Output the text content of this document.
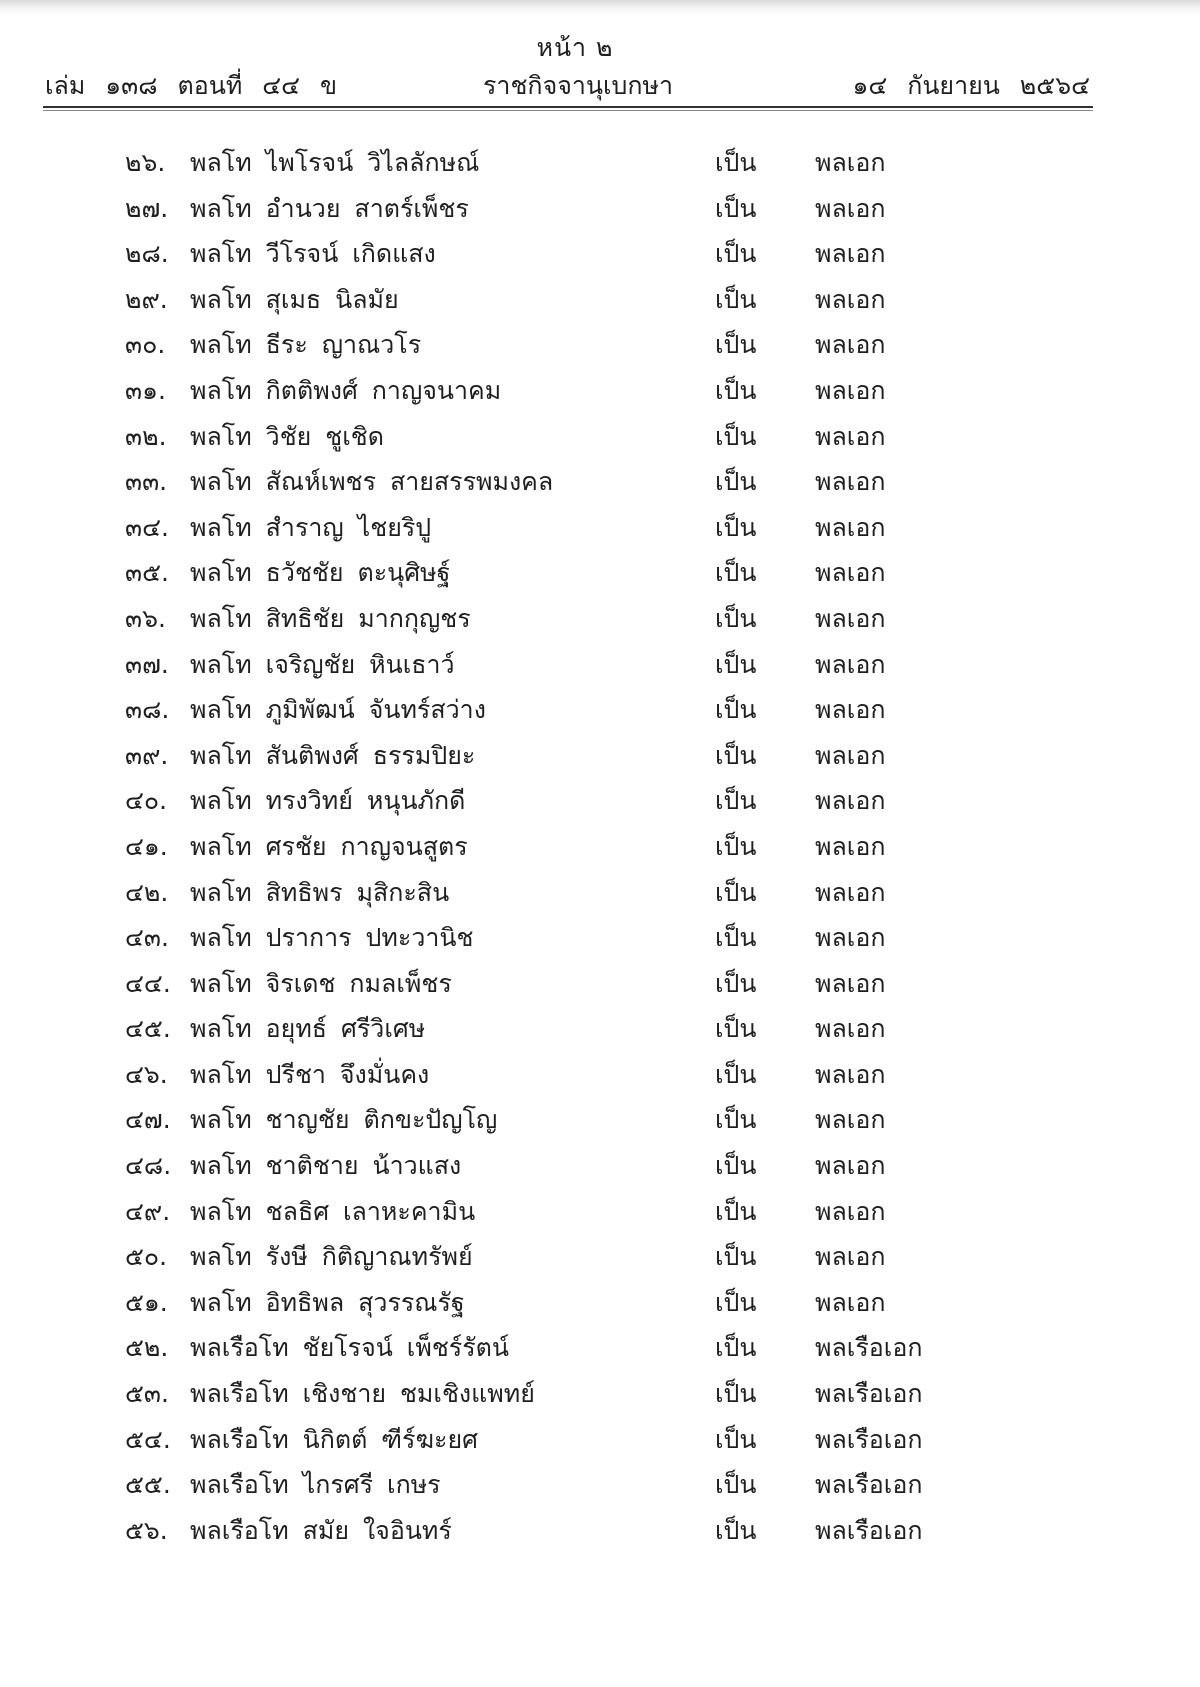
หน้า ๒
เล่ม ๑๓๘ ตอนที่ ๔๔ ข	ราชกิจจานุเบกษา	๑๔ กันยายน ๒๕๖๔
๒๖. พลโท ไพโรจน์ วิไลลักษณ์	เป็น พลเอก
๒๗. พลโท อำนวย สาตร์เพ็ชร	เป็น พลเอก
๒๘. พลโท วีโรจน์ เกิดแสง	เป็น พลเอก
๒๙. พลโท สุเมธ นิลมัย	เป็น พลเอก
๓๐. พลโท ธีระ ญาณวโร	เป็น พลเอก
๓๑. พลโท กิตติพงศ์ กาญจนาคม	เป็น พลเอก
๓๒. พลโท วิชัย ชูเชิด	เป็น พลเอก
๓๓. พลโท สัณห์เพชร สายสรรพมงคล	เป็น พลเอก
๓๔. พลโท สำราญ ไชยริปู	เป็น พลเอก
๓๕. พลโท ธวัชชัย ตะนุศิษฐ์	เป็น พลเอก
๓๖. พลโท สิทธิชัย มากกุญชร	เป็น พลเอก
๓๗. พลโท เจริญชัย หินเธาว์	เป็น พลเอก
๓๘. พลโท ภูมิพัฒน์ จันทร์สว่าง	เป็น พลเอก
๓๙. พลโท สันติพงศ์ ธรรมปิยะ	เป็น พลเอก
๔๐. พลโท ทรงวิทย์ หนุนภักดี	เป็น พลเอก
๔๑. พลโท ศรชัย กาญจนสูตร	เป็น พลเอก
๔๒. พลโท สิทธิพร มุสิกะสิน	เป็น พลเอก
๔๓. พลโท ปราการ ปทะวานิช	เป็น พลเอก
๔๔. พลโท จิรเดช กมลเพ็ชร	เป็น พลเอก
๔๕. พลโท อยุทธ์ ศรีวิเศษ	เป็น พลเอก
๔๖. พลโท ปรีชา จึงมั่นคง	เป็น พลเอก
๔๗. พลโท ชาญชัย ติกขะปัญโญ	เป็น พลเอก
๔๘. พลโท ชาติชาย น้าวแสง	เป็น พลเอก
๔๙. พลโท ชลธิศ เลาหะคามิน	เป็น พลเอก
๕๐. พลโท รังษี กิติญาณทรัพย์	เป็น พลเอก
๕๑. พลโท อิทธิพล สุวรรณรัฐ	เป็น พลเอก
๕๒. พลเรือโท ชัยโรจน์ เพ็ชร์รัตน์	เป็น พลเรือเอก
๕๓. พลเรือโท เชิงชาย ชมเชิงแพทย์	เป็น พลเรือเอก
๕๔. พลเรือโท นิกิตต์ ฑีร์ฆะยศ	เป็น พลเรือเอก
๕๕. พลเรือโท ไกรศรี เกษร	เป็น พลเรือเอก
๕๖. พลเรือโท สมัย ใจอินทร์	เป็น พลเรือเอก
